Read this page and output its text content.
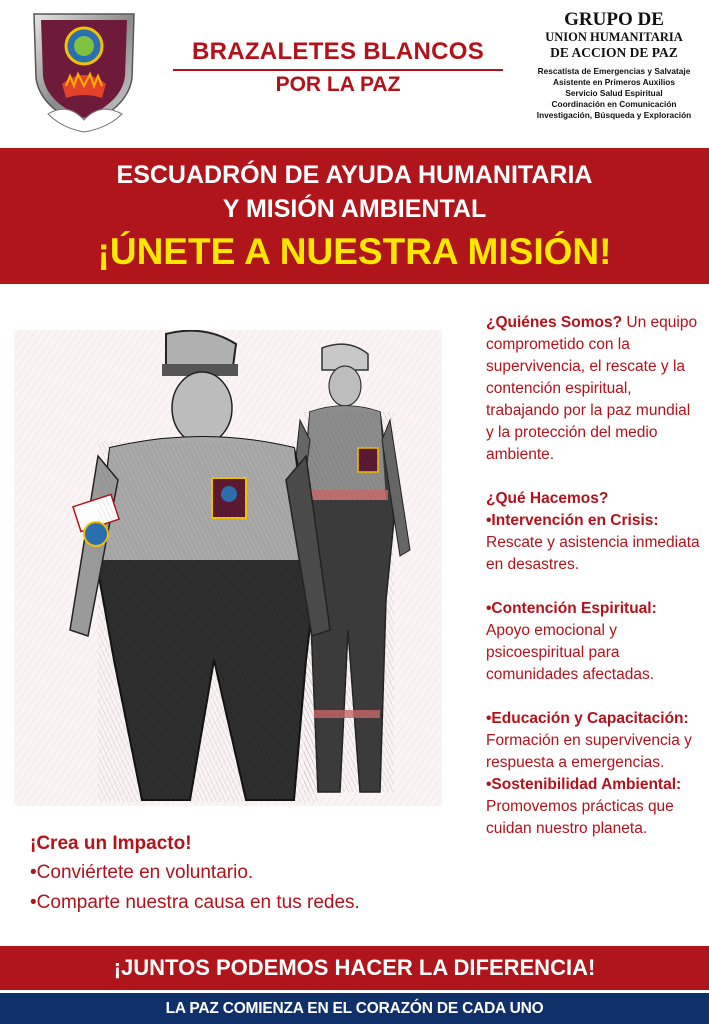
BRAZALETES BLANCOS
POR LA PAZ
GRUPO DE
UNION HUMANITARIA
DE ACCION DE PAZ
Rescatista de Emergencias y Salvataje
Asistente en Primeros Auxilios
Servicio Salud Espiritual
Coordinación en Comunicación
Investigación, Búsqueda y Exploración
ESCUADRÓN DE AYUDA HUMANITARIA
Y MISIÓN AMBIENTAL
¡ÚNETE A NUESTRA MISIÓN!

¿Quiénes Somos? Un equipo comprometido con la supervivencia, el rescate y la contención espiritual, trabajando por la paz mundial y la protección del medio ambiente.

¿Qué Hacemos?

•Intervención en Crisis: Rescate y asistencia inmediata en desastres.

•Contención Espiritual: Apoyo emocional y psicoespiritual para comunidades afectadas.

•Educación y Capacitación: Formación en supervivencia y respuesta a emergencias.

•Sostenibilidad Ambiental: Promovemos prácticas que cuidan nuestro planeta.

¡Crea un Impacto!
•Conviértete en voluntario.
•Comparte nuestra causa en tus redes.
¡JUNTOS PODEMOS HACER LA DIFERENCIA!
LA PAZ COMIENZA EN EL CORAZÓN DE CADA UNO
